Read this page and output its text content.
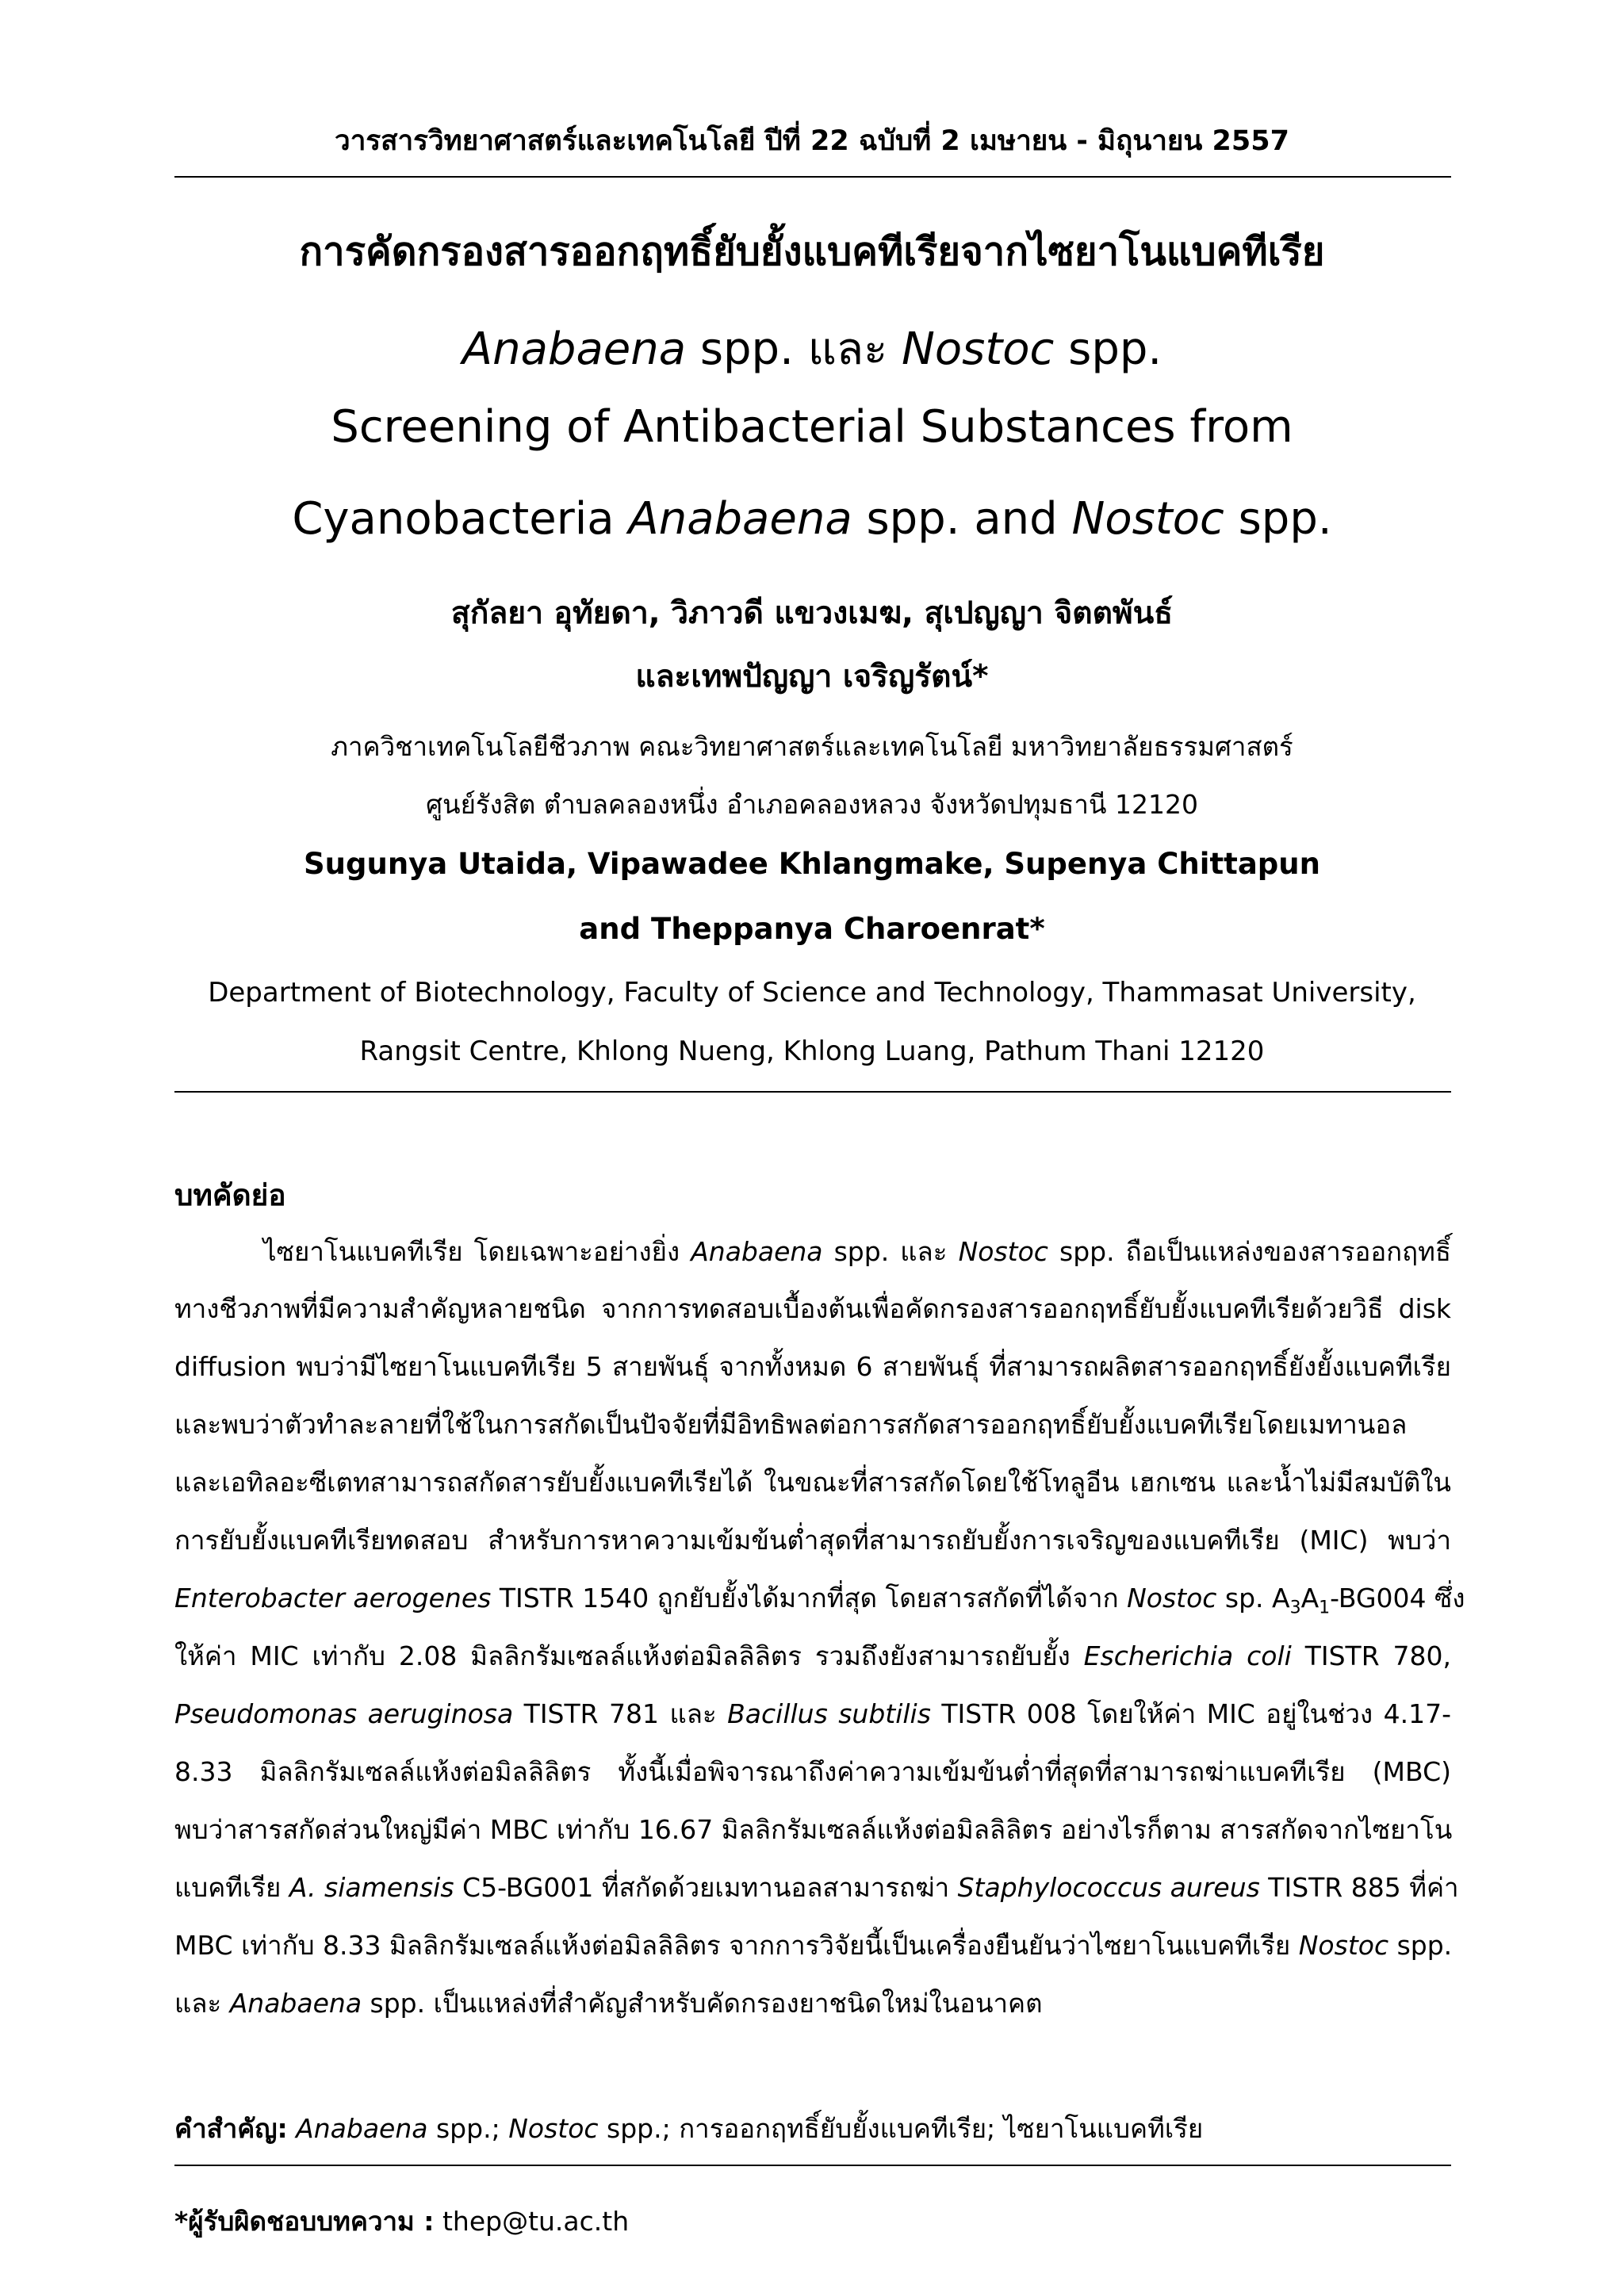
วารสารวิทยาศาสตร์และเทคโนโลยี ปีที่ 22 ฉบับที่ 2 เมษายน - มิถุนายน 2557
การคัดกรองสารออกฤทธิ์ยับยั้งแบคทีเรียจากไซยาโนแบคทีเรีย
Anabaena spp. และ Nostoc spp.
Screening of Antibacterial Substances from
Cyanobacteria Anabaena spp. and Nostoc spp.
สุกัลยา อุทัยดา, วิภาวดี แขวงเมฆ, สุเปญญา จิตตพันธ์
และเทพปัญญา เจริญรัตน์*
ภาควิชาเทคโนโลยีชีวภาพ คณะวิทยาศาสตร์และเทคโนโลยี มหาวิทยาลัยธรรมศาสตร์
ศูนย์รังสิต ตำบลคลองหนึ่ง อำเภอคลองหลวง จังหวัดปทุมธานี 12120
Sugunya Utaida, Vipawadee Khlangmake, Supenya Chittapun
and Theppanya Charoenrat*
Department of Biotechnology, Faculty of Science and Technology, Thammasat University,
Rangsit Centre, Khlong Nueng, Khlong Luang, Pathum Thani 12120
บทคัดย่อ
ไซยาโนแบคทีเรีย โดยเฉพาะอย่างยิ่ง Anabaena spp. และ Nostoc spp. ถือเป็นแหล่งของสารออกฤทธิ์
ทางชีวภาพที่มีความสำคัญหลายชนิด จากการทดสอบเบื้องต้นเพื่อคัดกรองสารออกฤทธิ์ยับยั้งแบคทีเรียด้วยวิธี disk
diffusion พบว่ามีไซยาโนแบคทีเรีย 5 สายพันธุ์ จากทั้งหมด 6 สายพันธุ์ ที่สามารถผลิตสารออกฤทธิ์ยังยั้งแบคทีเรีย
และพบว่าตัวทำละลายที่ใช้ในการสกัดเป็นปัจจัยที่มีอิทธิพลต่อการสกัดสารออกฤทธิ์ยับยั้งแบคทีเรียโดยเมทานอล
และเอทิลอะซีเตทสามารถสกัดสารยับยั้งแบคทีเรียได้ ในขณะที่สารสกัดโดยใช้โทลูอีน เฮกเซน และน้ำไม่มีสมบัติใน
การยับยั้งแบคทีเรียทดสอบ สำหรับการหาความเข้มข้นต่ำสุดที่สามารถยับยั้งการเจริญของแบคทีเรีย (MIC) พบว่า
Enterobacter aerogenes TISTR 1540 ถูกยับยั้งได้มากที่สุด โดยสารสกัดที่ได้จาก Nostoc sp. $A_3A_1-BG004$ ซึ่ง
ให้ค่า MIC เท่ากับ 2.08 มิลลิกรัมเซลล์แห้งต่อมิลลิลิตร รวมถึงยังสามารถยับยั้ง Escherichia coli TISTR 780,
Pseudomonas aeruginosa TISTR 781 และ Bacillus subtilis TISTR 008 โดยให้ค่า MIC อยู่ในช่วง 4.17-
8.33 มิลลิกรัมเซลล์แห้งต่อมิลลิลิตร ทั้งนี้เมื่อพิจารณาถึงค่าความเข้มข้นต่ำที่สุดที่สามารถฆ่าแบคทีเรีย (MBC)
พบว่าสารสกัดส่วนใหญ่มีค่า MBC เท่ากับ 16.67 มิลลิกรัมเซลล์แห้งต่อมิลลิลิตร อย่างไรก็ตาม สารสกัดจากไซยาโน
แบคทีเรีย A. siamensis C5-BG001 ที่สกัดด้วยเมทานอลสามารถฆ่า Staphylococcus aureus TISTR 885 ที่ค่า
MBC เท่ากับ 8.33 มิลลิกรัมเซลล์แห้งต่อมิลลิลิตร จากการวิจัยนี้เป็นเครื่องยืนยันว่าไซยาโนแบคทีเรีย Nostoc spp.
และ Anabaena spp. เป็นแหล่งที่สำคัญสำหรับคัดกรองยาชนิดใหม่ในอนาคต
คำสำคัญ: Anabaena spp.; Nostoc spp.; การออกฤทธิ์ยับยั้งแบคทีเรีย; ไซยาโนแบคทีเรีย
*ผู้รับผิดชอบบทความ : thep@tu.ac.th
